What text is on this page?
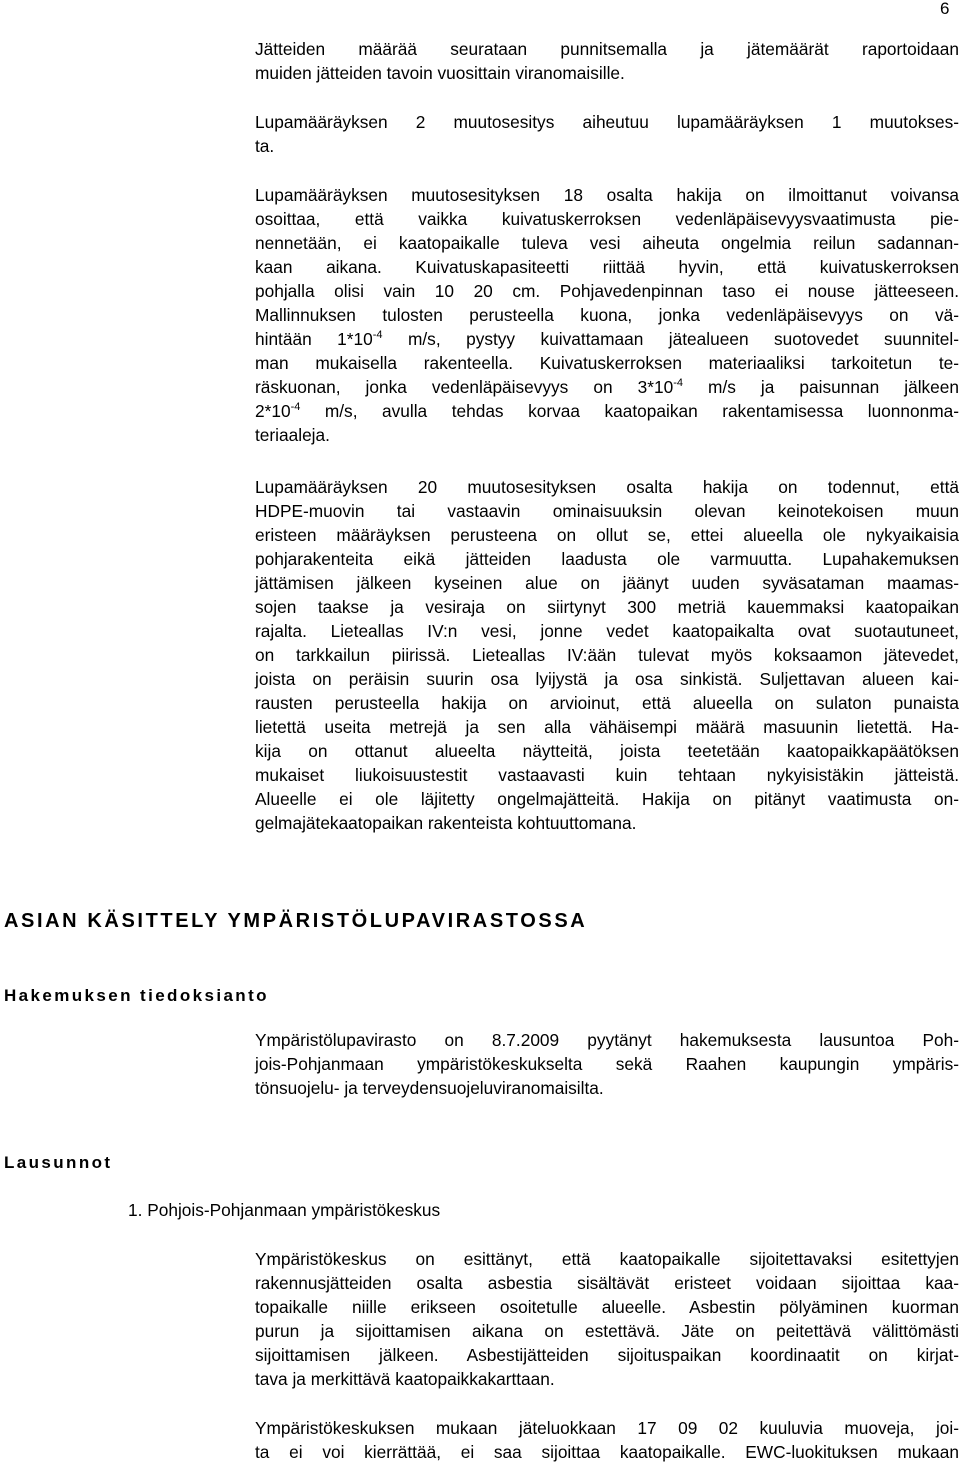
6
Jätteiden määrää seurataan punnitsemalla ja jätemäärät raportoidaan
muiden jätteiden tavoin vuosittain viranomaisille.
Lupamääräyksen 2 muutosesitys aiheutuu lupamääräyksen 1 muutokses-
ta.
Lupamääräyksen muutosesityksen 18 osalta hakija on ilmoittanut voivansa
osoittaa, että vaikka kuivatuskerroksen vedenläpäisevyysvaatimusta pie-
nennetään, ei kaatopaikalle tuleva vesi aiheuta ongelmia reilun sadannan-
kaan aikana. Kuivatuskapasiteetti riittää hyvin, että kuivatuskerroksen
pohjalla olisi vain 10 20 cm. Pohjavedenpinnan taso ei nouse jätteeseen.
Mallinnuksen tulosten perusteella kuona, jonka vedenläpäisevyys on vä-
hintään $1*10^{-4}$ m/s, pystyy kuivattamaan jätealueen suotovedet suunnitel-
man mukaisella rakenteella. Kuivatuskerroksen materiaaliksi tarkoitetun te-
räskuonan, jonka vedenläpäisevyys on $3*10^{-4}$ m/s ja paisunnan jälkeen
$2*10^{-4}$ m/s, avulla tehdas korvaa kaatopaikan rakentamisessa luonnonma-
teriaaleja.
Lupamääräyksen 20 muutosesityksen osalta hakija on todennut, että
HDPE-muovin tai vastaavin ominaisuuksin olevan keinotekoisen muun
eristeen määräyksen perusteena on ollut se, ettei alueella ole nykyaikaisia
pohjarakenteita eikä jätteiden laadusta ole varmuutta. Lupahakemuksen
jättämisen jälkeen kyseinen alue on jäänyt uuden syväsataman maamas-
sojen taakse ja vesiraja on siirtynyt 300 metriä kauemmaksi kaatopaikan
rajalta. Lieteallas IV:n vesi, jonne vedet kaatopaikalta ovat suotautuneet,
on tarkkailun piirissä. Lieteallas IV:ään tulevat myös koksaamon jätevedet,
joista on peräisin suurin osa lyijystä ja osa sinkistä. Suljettavan alueen kai-
rausten perusteella hakija on arvioinut, että alueella on sulaton punaista
lietettä useita metrejä ja sen alla vähäisempi määrä masuunin lietettä. Ha-
kija on ottanut alueelta näytteitä, joista teetetään kaatopaikkapäätöksen
mukaiset liukoisuustestit vastaavasti kuin tehtaan nykyisistäkin jätteistä.
Alueelle ei ole läjitetty ongelmajätteitä. Hakija on pitänyt vaatimusta on-
gelmajätekaatopaikan rakenteista kohtuuttomana.
ASIAN KÄSITTELY YMPÄRISTÖLUPAVIRASTOSSA
Hakemuksen tiedoksianto
Ympäristölupavirasto on 8.7.2009 pyytänyt hakemuksesta lausuntoa Poh-
jois-Pohjanmaan ympäristökeskukselta sekä Raahen kaupungin ympäris-
tönsuojelu- ja terveydensuojeluviranomaisilta.
Lausunnot
1. Pohjois-Pohjanmaan ympäristökeskus
Ympäristökeskus on esittänyt, että kaatopaikalle sijoitettavaksi esitettyjen
rakennusjätteiden osalta asbestia sisältävät eristeet voidaan sijoittaa kaa-
topaikalle niille erikseen osoitetulle alueelle. Asbestin pölyäminen kuorman
purun ja sijoittamisen aikana on estettävä. Jäte on peitettävä välittömästi
sijoittamisen jälkeen. Asbestijätteiden sijoituspaikan koordinaatit on kirjat-
tava ja merkittävä kaatopaikkakarttaan.
Ympäristökeskuksen mukaan jäteluokkaan 17 09 02 kuuluvia muoveja, joi-
ta ei voi kierrättää, ei saa sijoittaa kaatopaikalle. EWC-luokituksen mukaan
